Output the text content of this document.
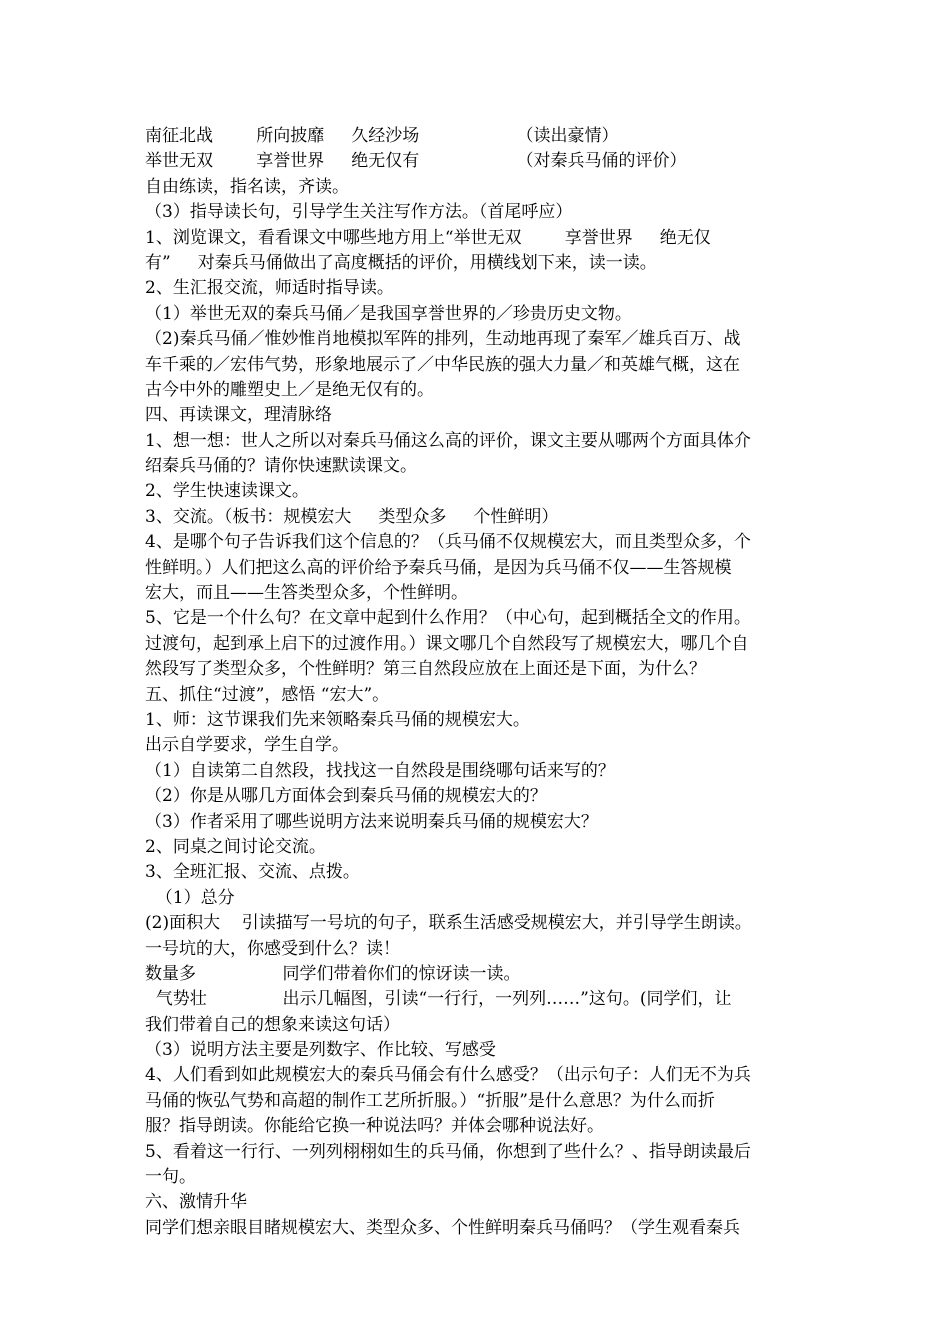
南征北战        所向披靡     久经沙场                  （读出豪情）
举世无双        享誉世界     绝无仅有                  （对秦兵马俑的评价）
自由练读，指名读，齐读。
（3）指导读长句，引导学生关注写作方法。（首尾呼应）
1、浏览课文，看看课文中哪些地方用上“举世无双        享誉世界     绝无仅
有”     对秦兵马俑做出了高度概括的评价，用横线划下来，读一读。
2、生汇报交流，师适时指导读。
（1）举世无双的秦兵马俑／是我国享誉世界的／珍贵历史文物。
（2)秦兵马俑／惟妙惟肖地模拟军阵的排列，生动地再现了秦军／雄兵百万、战
车千乘的／宏伟气势，形象地展示了／中华民族的强大力量／和英雄气概，这在
古今中外的雕塑史上／是绝无仅有的。
四、再读课文，理清脉络
1、想一想：世人之所以对秦兵马俑这么高的评价，课文主要从哪两个方面具体介
绍秦兵马俑的？请你快速默读课文。
2、学生快速读课文。
3、交流。（板书：规模宏大     类型众多     个性鲜明）
4、是哪个句子告诉我们这个信息的？（兵马俑不仅规模宏大，而且类型众多，个
性鲜明。）人们把这么高的评价给予秦兵马俑，是因为兵马俑不仅——生答规模
宏大，而且——生答类型众多，个性鲜明。
5、它是一个什么句？在文章中起到什么作用？（中心句，起到概括全文的作用。
过渡句，起到承上启下的过渡作用。）课文哪几个自然段写了规模宏大，哪几个自
然段写了类型众多，个性鲜明？第三自然段应放在上面还是下面，为什么？
五、抓住“过渡”，感悟 “宏大”。
1、师：这节课我们先来领略秦兵马俑的规模宏大。
出示自学要求，学生自学。
（1）自读第二自然段，找找这一自然段是围绕哪句话来写的？
（2）你是从哪几方面体会到秦兵马俑的规模宏大的？
（3）作者采用了哪些说明方法来说明秦兵马俑的规模宏大？
2、同桌之间讨论交流。
3、全班汇报、交流、点拨。
（1）总分
(2)面积大    引读描写一号坑的句子，联系生活感受规模宏大，并引导学生朗读。
一号坑的大，你感受到什么？读！
数量多                同学们带着你们的惊讶读一读。
气势壮              出示几幅图，引读“一行行，一列列……”这句。(同学们，让
我们带着自己的想象来读这句话）
（3）说明方法主要是列数字、作比较、写感受
4、人们看到如此规模宏大的秦兵马俑会有什么感受？（出示句子：人们无不为兵
马俑的恢弘气势和高超的制作工艺所折服。）“折服”是什么意思？为什么而折
服？指导朗读。你能给它换一种说法吗？并体会哪种说法好。
5、看着这一行行、一列列栩栩如生的兵马俑，你想到了些什么？、指导朗读最后
一句。
六、激情升华
同学们想亲眼目睹规模宏大、类型众多、个性鲜明秦兵马俑吗？（学生观看秦兵
